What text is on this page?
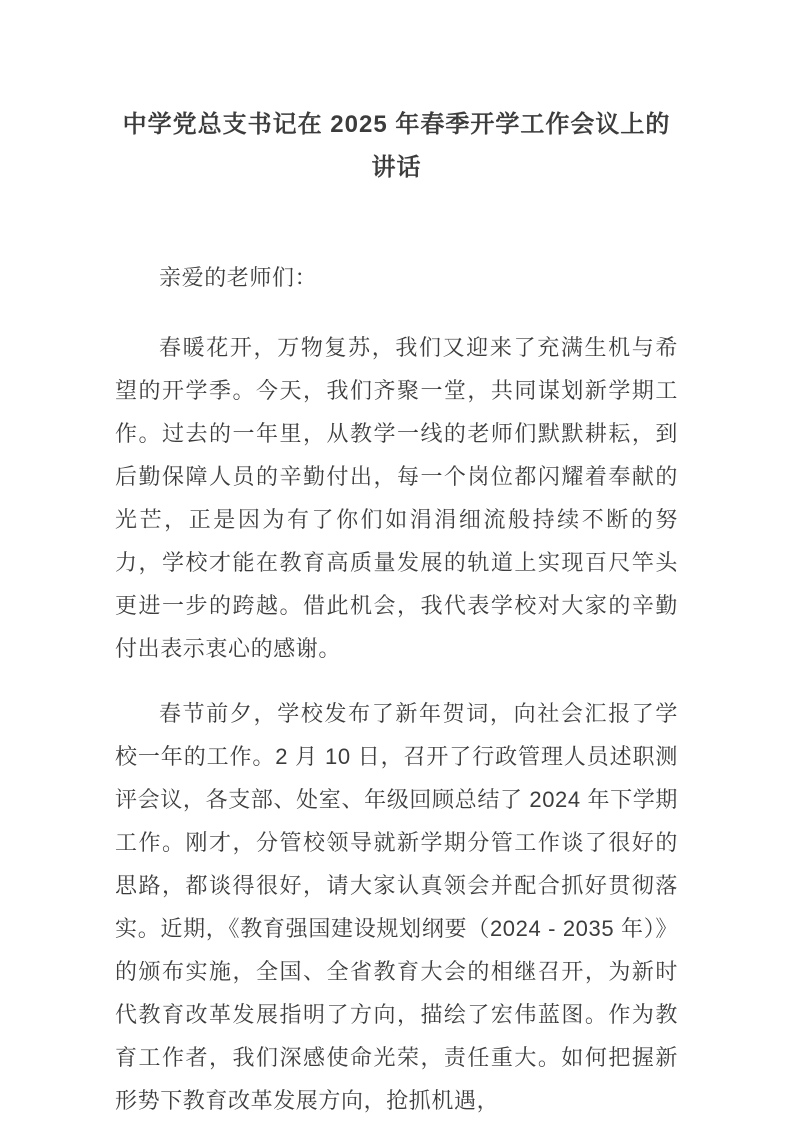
中学党总支书记在 2025 年春季开学工作会议上的讲话

亲爱的老师们：

春暖花开，万物复苏，我们又迎来了充满生机与希望的开学季。今天，我们齐聚一堂，共同谋划新学期工作。过去的一年里，从教学一线的老师们默默耕耘，到后勤保障人员的辛勤付出，每一个岗位都闪耀着奉献的光芒，正是因为有了你们如涓涓细流般持续不断的努力，学校才能在教育高质量发展的轨道上实现百尺竿头更进一步的跨越。借此机会，我代表学校对大家的辛勤付出表示衷心的感谢。

春节前夕，学校发布了新年贺词，向社会汇报了学校一年的工作。2 月 10 日，召开了行政管理人员述职测评会议，各支部、处室、年级回顾总结了 2024 年下学期工作。刚才，分管校领导就新学期分管工作谈了很好的思路，都谈得很好，请大家认真领会并配合抓好贯彻落实。近期，《教育强国建设规划纲要（2024 - 2035 年）》的颁布实施，全国、全省教育大会的相继召开，为新时代教育改革发展指明了方向，描绘了宏伟蓝图。作为教育工作者，我们深感使命光荣，责任重大。如何把握新形势下教育改革发展方向，抢抓机遇，
